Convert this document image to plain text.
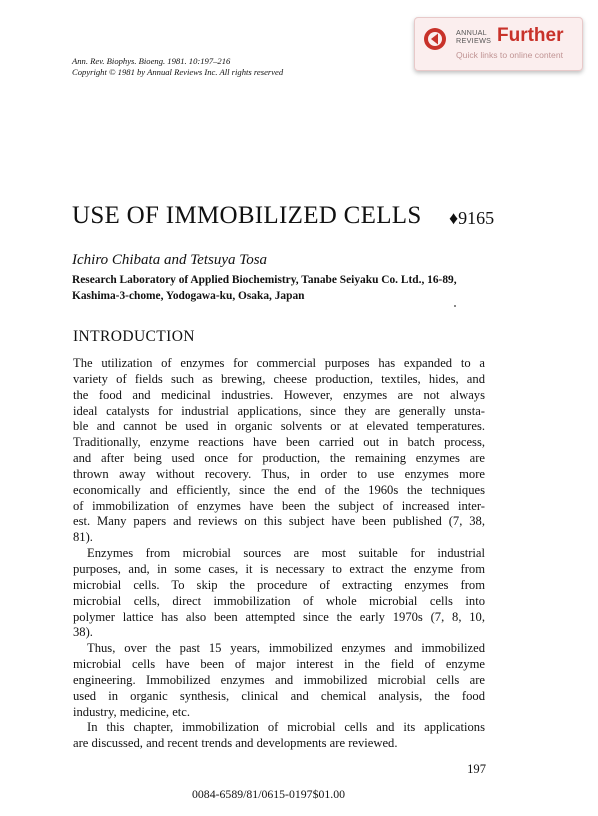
Ann. Rev. Biophys. Bioeng. 1981. 10:197–216
Copyright © 1981 by Annual Reviews Inc. All rights reserved
ANNUAL
REVIEWS Further
Quick links to online content
USE OF IMMOBILIZED CELLS ♦9165
Ichiro Chibata and Tetsuya Tosa
Research Laboratory of Applied Biochemistry, Tanabe Seiyaku Co. Ltd., 16-89,
Kashima-3-chome, Yodogawa-ku, Osaka, Japan
INTRODUCTION
The utilization of enzymes for commercial purposes has expanded to a
variety of fields such as brewing, cheese production, textiles, hides, and
the food and medicinal industries. However, enzymes are not always
ideal catalysts for industrial applications, since they are generally unsta-
ble and cannot be used in organic solvents or at elevated temperatures.
Traditionally, enzyme reactions have been carried out in batch process,
and after being used once for production, the remaining enzymes are
thrown away without recovery. Thus, in order to use enzymes more
economically and efficiently, since the end of the 1960s the techniques
of immobilization of enzymes have been the subject of increased inter-
est. Many papers and reviews on this subject have been published (7, 38,
81).
Enzymes from microbial sources are most suitable for industrial
purposes, and, in some cases, it is necessary to extract the enzyme from
microbial cells. To skip the procedure of extracting enzymes from
microbial cells, direct immobilization of whole microbial cells into
polymer lattice has also been attempted since the early 1970s (7, 8, 10,
38).
Thus, over the past 15 years, immobilized enzymes and immobilized
microbial cells have been of major interest in the field of enzyme
engineering. Immobilized enzymes and immobilized microbial cells are
used in organic synthesis, clinical and chemical analysis, the food
industry, medicine, etc.
In this chapter, immobilization of microbial cells and its applications
are discussed, and recent trends and developments are reviewed.
197
0084-6589/81/0615-0197$01.00
